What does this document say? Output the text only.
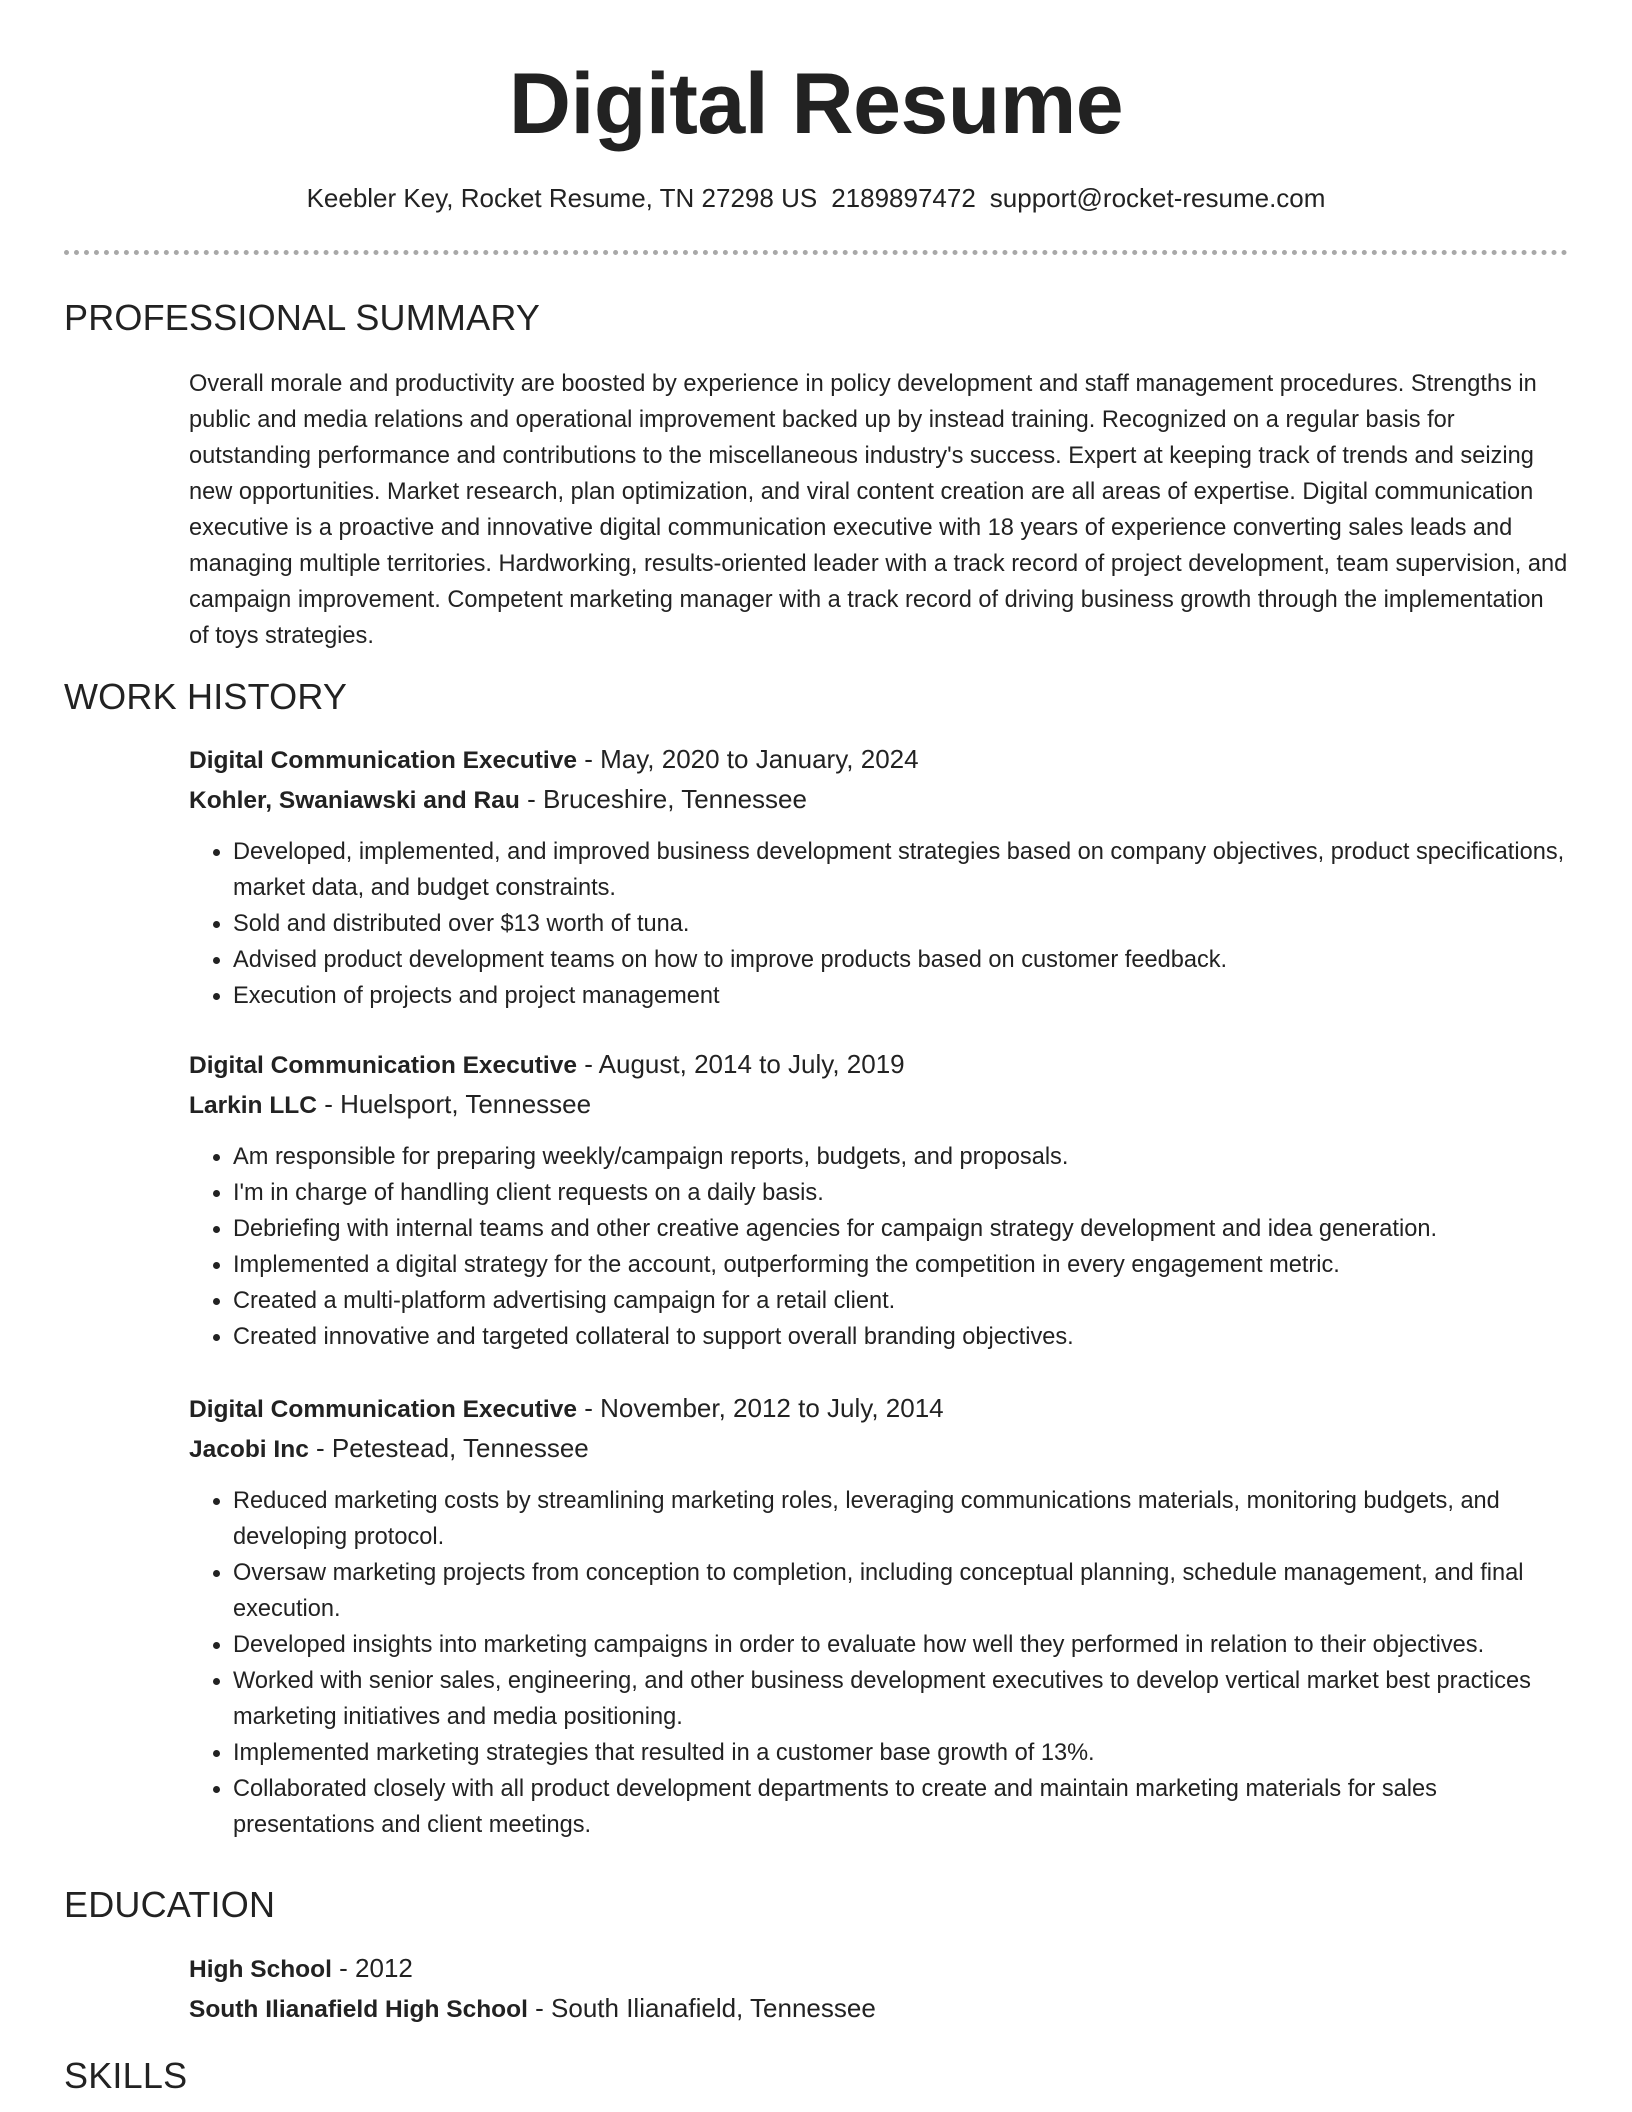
Digital Resume
Keebler Key, Rocket Resume, TN 27298 US 2189897472 support@rocket-resume.com
PROFESSIONAL SUMMARY
Overall morale and productivity are boosted by experience in policy development and staff management procedures. Strengths in public and media relations and operational improvement backed up by instead training. Recognized on a regular basis for outstanding performance and contributions to the miscellaneous industry's success. Expert at keeping track of trends and seizing new opportunities. Market research, plan optimization, and viral content creation are all areas of expertise. Digital communication executive is a proactive and innovative digital communication executive with 18 years of experience converting sales leads and managing multiple territories. Hardworking, results-oriented leader with a track record of project development, team supervision, and campaign improvement. Competent marketing manager with a track record of driving business growth through the implementation of toys strategies.
WORK HISTORY
Digital Communication Executive - May, 2020 to January, 2024
Kohler, Swaniawski and Rau - Bruceshire, Tennessee
• Developed, implemented, and improved business development strategies based on company objectives, product specifications, market data, and budget constraints.
• Sold and distributed over $13 worth of tuna.
• Advised product development teams on how to improve products based on customer feedback.
• Execution of projects and project management
Digital Communication Executive - August, 2014 to July, 2019
Larkin LLC - Huelsport, Tennessee
• Am responsible for preparing weekly/campaign reports, budgets, and proposals.
• I'm in charge of handling client requests on a daily basis.
• Debriefing with internal teams and other creative agencies for campaign strategy development and idea generation.
• Implemented a digital strategy for the account, outperforming the competition in every engagement metric.
• Created a multi-platform advertising campaign for a retail client.
• Created innovative and targeted collateral to support overall branding objectives.
Digital Communication Executive - November, 2012 to July, 2014
Jacobi Inc - Petestead, Tennessee
• Reduced marketing costs by streamlining marketing roles, leveraging communications materials, monitoring budgets, and developing protocol.
• Oversaw marketing projects from conception to completion, including conceptual planning, schedule management, and final execution.
• Developed insights into marketing campaigns in order to evaluate how well they performed in relation to their objectives.
• Worked with senior sales, engineering, and other business development executives to develop vertical market best practices marketing initiatives and media positioning.
• Implemented marketing strategies that resulted in a customer base growth of 13%.
• Collaborated closely with all product development departments to create and maintain marketing materials for sales presentations and client meetings.
EDUCATION
High School - 2012
South Ilianafield High School - South Ilianafield, Tennessee
SKILLS
